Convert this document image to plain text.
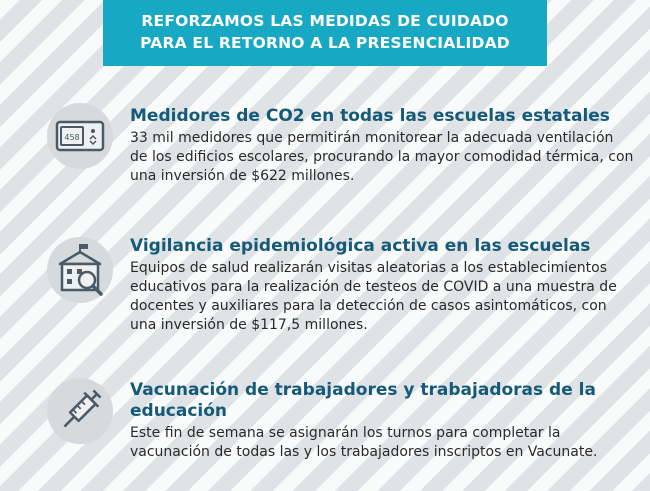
REFORZAMOS LAS MEDIDAS DE CUIDADO
PARA EL RETORNO A LA PRESENCIALIDAD
458

Medidores de CO2 en todas las escuelas estatales

33 mil medidores que permitirán monitorear la adecuada ventilación de los edificios escolares, procurando la mayor comodidad térmica, con una inversión de $622 millones.

Vigilancia epidemiológica activa en las escuelas

Equipos de salud realizarán visitas aleatorias a los establecimientos educativos para la realización de testeos de COVID a una muestra de docentes y auxiliares para la detección de casos asintomáticos, con una inversión de $117,5 millones.

Vacunación de trabajadores y trabajadoras de la educación

Este fin de semana se asignarán los turnos para completar la vacunación de todas las y los trabajadores inscriptos en Vacunate.
